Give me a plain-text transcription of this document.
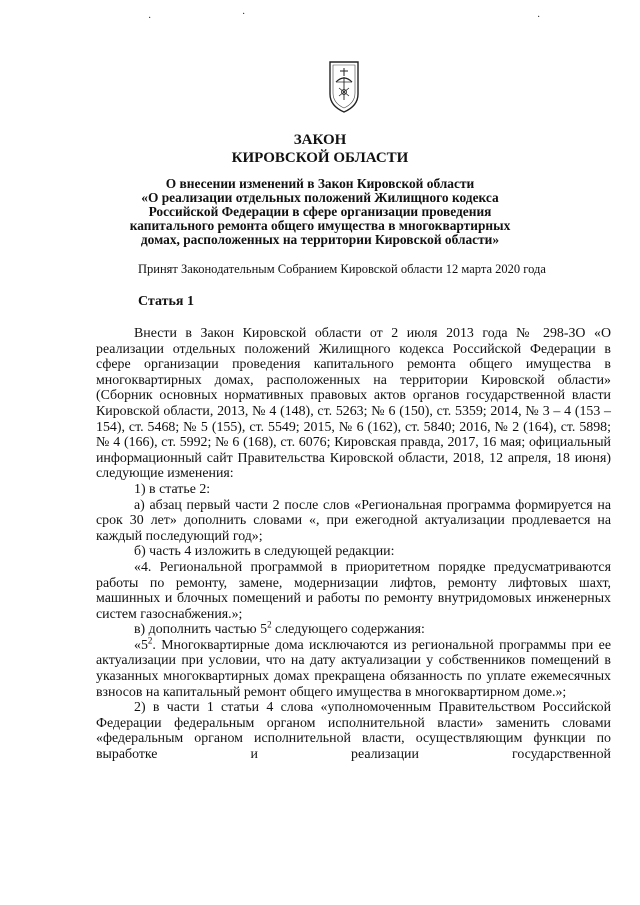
·	·	·
ЗАКОН
КИРОВСКОЙ ОБЛАСТИ
О внесении изменений в Закон Кировской области
«О реализации отдельных положений Жилищного кодекса
Российской Федерации в сфере организации проведения
капитального ремонта общего имущества в многоквартирных
домах, расположенных на территории Кировской области»
Принят Законодательным Собранием Кировской области 12 марта 2020 года
Статья 1

Внести в Закон Кировской области от 2 июля 2013 года № 298-ЗО «О реализации отдельных положений Жилищного кодекса Российской Федерации в сфере организации проведения капитального ремонта общего имущества в многоквартирных домах, расположенных на территории Кировской области» (Сборник основных нормативных правовых актов органов государственной власти Кировской области, 2013, № 4 (148), ст. 5263; № 6 (150), ст. 5359; 2014, № 3 – 4 (153 – 154), ст. 5468; № 5 (155), ст. 5549; 2015, № 6 (162), ст. 5840; 2016, № 2 (164), ст. 5898; № 4 (166), ст. 5992; № 6 (168), ст. 6076; Кировская правда, 2017, 16 мая; официальный информационный сайт Правительства Кировской области, 2018, 12 апреля, 18 июня) следующие изменения:

1) в статье 2:

а) абзац первый части 2 после слов «Региональная программа формируется на срок 30 лет» дополнить словами «, при ежегодной актуализации продлевается на каждый последующий год»;

б) часть 4 изложить в следующей редакции:

«4. Региональной программой в приоритетном порядке предусматриваются работы по ремонту, замене, модернизации лифтов, ремонту лифтовых шахт, машинных и блочных помещений и работы по ремонту внутридомовых инженерных систем газоснабжения.»;

в) дополнить частью $5^2$ следующего содержания:

«$5^2$. Многоквартирные дома исключаются из региональной программы при ее актуализации при условии, что на дату актуализации у собственников помещений в указанных многоквартирных домах прекращена обязанность по уплате ежемесячных взносов на капитальный ремонт общего имущества в многоквартирном доме.»;

2) в части 1 статьи 4 слова «уполномоченным Правительством Российской Федерации федеральным органом исполнительной власти» заменить словами «федеральным органом исполнительной власти, осуществляющим функции по выработке и реализации государственной
